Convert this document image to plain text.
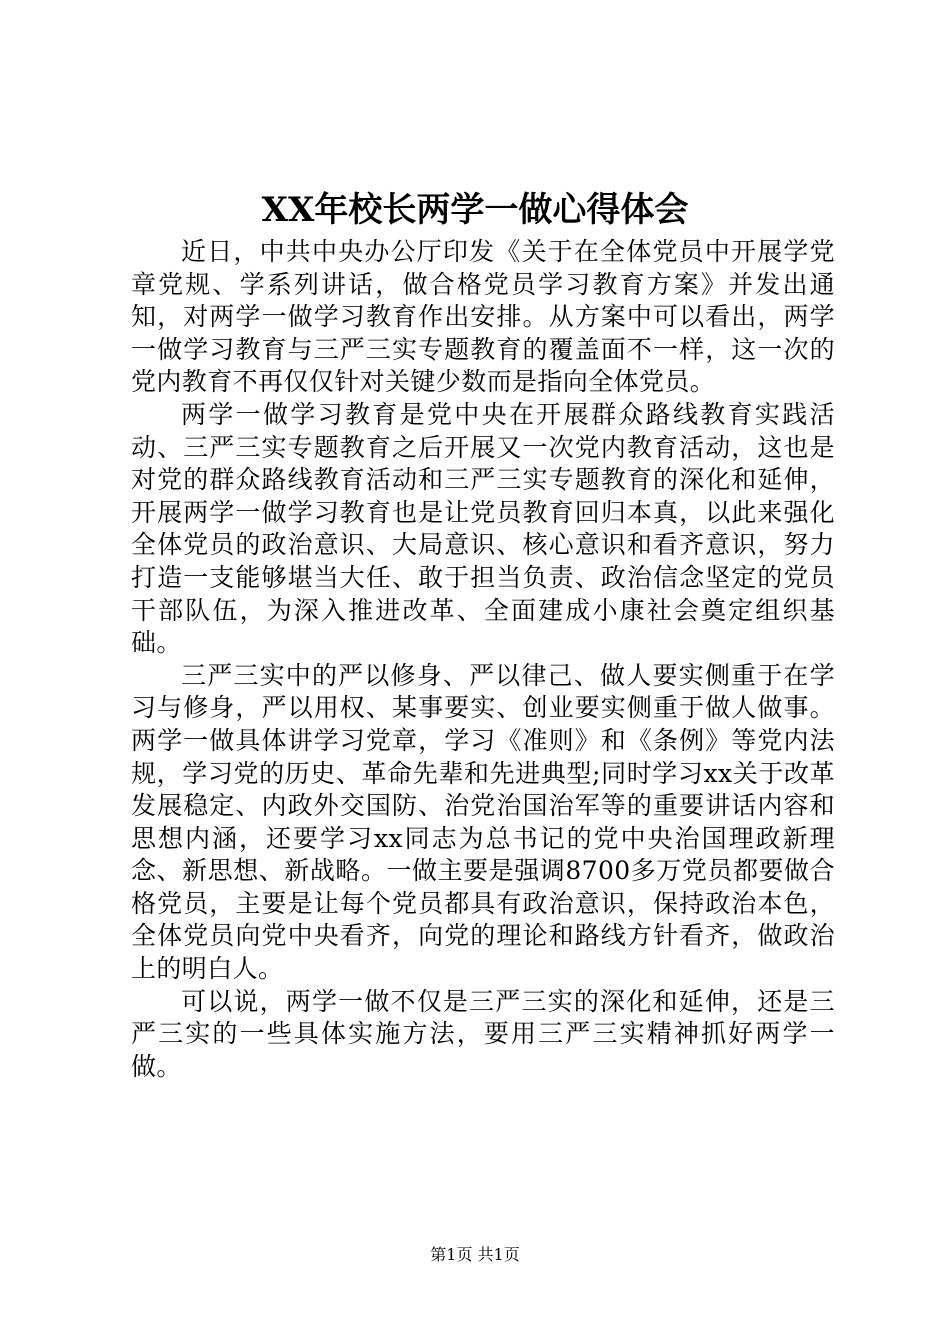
XX年校长两学一做心得体会

近日，中共中央办公厅印发《关于在全体党员中开展学党章党规、学系列讲话，做合格党员学习教育方案》并发出通知，对两学一做学习教育作出安排。从方案中可以看出，两学一做学习教育与三严三实专题教育的覆盖面不一样，这一次的党内教育不再仅仅针对关键少数而是指向全体党员。

两学一做学习教育是党中央在开展群众路线教育实践活动、三严三实专题教育之后开展又一次党内教育活动，这也是对党的群众路线教育活动和三严三实专题教育的深化和延伸，开展两学一做学习教育也是让党员教育回归本真，以此来强化全体党员的政治意识、大局意识、核心意识和看齐意识，努力打造一支能够堪当大任、敢于担当负责、政治信念坚定的党员干部队伍，为深入推进改革、全面建成小康社会奠定组织基础。

三严三实中的严以修身、严以律己、做人要实侧重于在学习与修身，严以用权、某事要实、创业要实侧重于做人做事。两学一做具体讲学习党章，学习《准则》和《条例》等党内法规，学习党的历史、革命先辈和先进典型;同时学习xx关于改革发展稳定、内政外交国防、治党治国治军等的重要讲话内容和思想内涵，还要学习xx同志为总书记的党中央治国理政新理念、新思想、新战略。一做主要是强调8700多万党员都要做合格党员，主要是让每个党员都具有政治意识，保持政治本色，全体党员向党中央看齐，向党的理论和路线方针看齐，做政治上的明白人。

可以说，两学一做不仅是三严三实的深化和延伸，还是三严三实的一些具体实施方法，要用三严三实精神抓好两学一做。

第1页 共1页
